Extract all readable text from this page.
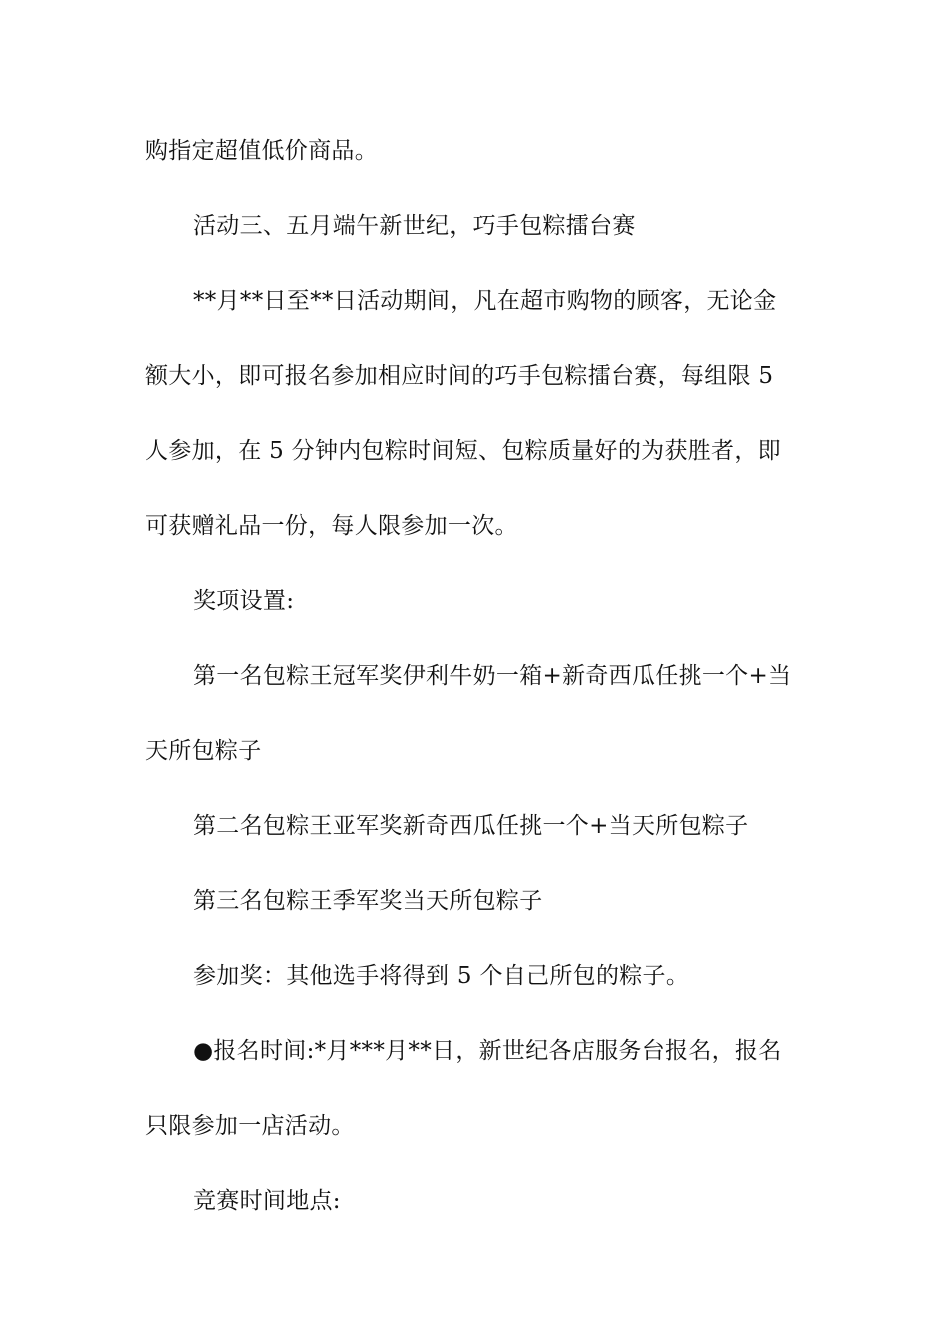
购指定超值低价商品。
活动三、五月端午新世纪，巧手包粽擂台赛
**月**日至**日活动期间，凡在超市购物的顾客，无论金
额大小，即可报名参加相应时间的巧手包粽擂台赛，每组限 5
人参加，在 5 分钟内包粽时间短、包粽质量好的为获胜者，即
可获赠礼品一份，每人限参加一次。
奖项设置:
第一名包粽王冠军奖伊利牛奶一箱+新奇西瓜任挑一个+当
天所包粽子
第二名包粽王亚军奖新奇西瓜任挑一个+当天所包粽子
第三名包粽王季军奖当天所包粽子
参加奖：其他选手将得到 5 个自己所包的粽子。
●报名时间:*月***月**日，新世纪各店服务台报名，报名
只限参加一店活动。
竞赛时间地点:
